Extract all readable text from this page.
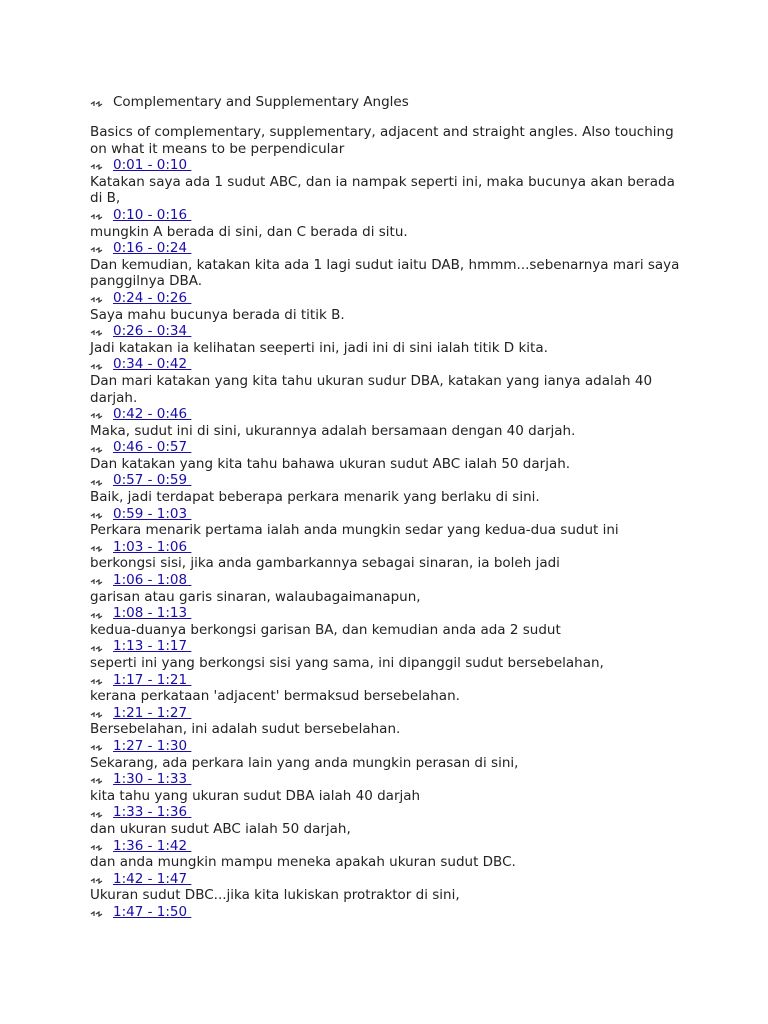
Complementary and Supplementary Angles
Basics of complementary, supplementary, adjacent and straight angles. Also touching on what it means to be perpendicular
0:01 - 0:10
Katakan saya ada 1 sudut ABC, dan ia nampak seperti ini, maka bucunya akan berada di B,
0:10 - 0:16
mungkin A berada di sini, dan C berada di situ.
0:16 - 0:24
Dan kemudian, katakan kita ada 1 lagi sudut iaitu DAB, hmmm...sebenarnya mari saya panggilnya DBA.
0:24 - 0:26
Saya mahu bucunya berada di titik B.
0:26 - 0:34
Jadi katakan ia kelihatan seeperti ini, jadi ini di sini ialah titik D kita.
0:34 - 0:42
Dan mari katakan yang kita tahu ukuran sudur DBA, katakan yang ianya adalah 40 darjah.
0:42 - 0:46
Maka, sudut ini di sini, ukurannya adalah bersamaan dengan 40 darjah.
0:46 - 0:57
Dan katakan yang kita tahu bahawa ukuran sudut ABC ialah 50 darjah.
0:57 - 0:59
Baik, jadi terdapat beberapa perkara menarik yang berlaku di sini.
0:59 - 1:03
Perkara menarik pertama ialah anda mungkin sedar yang kedua-dua sudut ini
1:03 - 1:06
berkongsi sisi, jika anda gambarkannya sebagai sinaran, ia boleh jadi
1:06 - 1:08
garisan atau garis sinaran, walaubagaimanapun,
1:08 - 1:13
kedua-duanya berkongsi garisan BA, dan kemudian anda ada 2 sudut
1:13 - 1:17
seperti ini yang berkongsi sisi yang sama, ini dipanggil sudut bersebelahan,
1:17 - 1:21
kerana perkataan 'adjacent' bermaksud bersebelahan.
1:21 - 1:27
Bersebelahan, ini adalah sudut bersebelahan.
1:27 - 1:30
Sekarang, ada perkara lain yang anda mungkin perasan di sini,
1:30 - 1:33
kita tahu yang ukuran sudut DBA ialah 40 darjah
1:33 - 1:36
dan ukuran sudut ABC ialah 50 darjah,
1:36 - 1:42
dan anda mungkin mampu meneka apakah ukuran sudut DBC.
1:42 - 1:47
Ukuran sudut DBC...jika kita lukiskan protraktor di sini,
1:47 - 1:50
